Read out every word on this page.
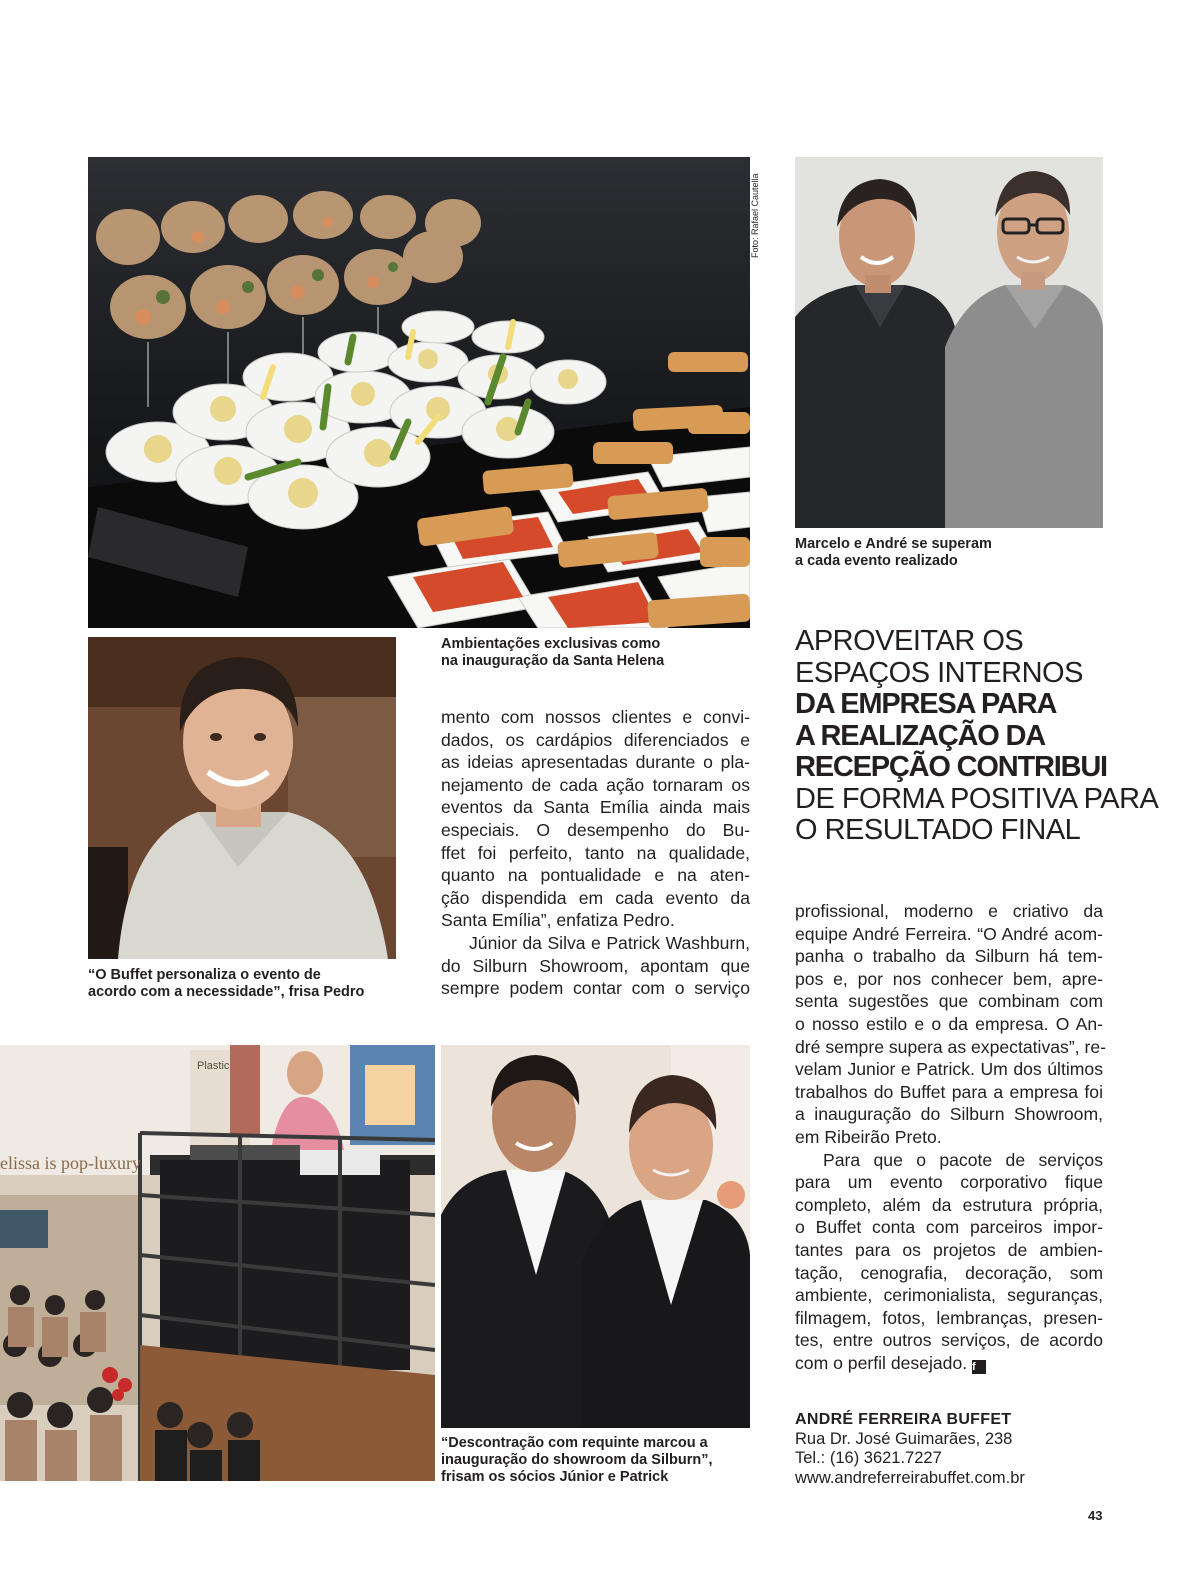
Foto: Rafael Cautella

Marcelo e André se superam
a cada evento realizado

Ambientações exclusivas como
na inauguração da Santa Helena

“O Buffet personaliza o evento de
acordo com a necessidade”, frisa Pedro

mento com nossos clientes e convi-
dados, os cardápios diferenciados e
as ideias apresentadas durante o pla-
nejamento de cada ação tornaram os
eventos da Santa Emília ainda mais
especiais. O desempenho do Bu-
ffet foi perfeito, tanto na qualidade,
quanto na pontualidade e na aten-
ção dispendida em cada evento da
Santa Emília”, enfatiza Pedro.
Júnior da Silva e Patrick Washburn,
do Silburn Showroom, apontam que
sempre podem contar com o serviço
APROVEITAR OS
ESPAÇOS INTERNOS
DA EMPRESA PARA
A REALIZAÇÃO DA
RECEPÇÃO CONTRIBUI
DE FORMA POSITIVA PARA
O RESULTADO FINAL
profissional, moderno e criativo da
equipe André Ferreira. “O André acom-
panha o trabalho da Silburn há tem-
pos e, por nos conhecer bem, apre-
senta sugestões que combinam com
o nosso estilo e o da empresa. O An-
dré sempre supera as expectativas”, re-
velam Junior e Patrick. Um dos últimos
trabalhos do Buffet para a empresa foi
a inauguração do Silburn Showroom,
em Ribeirão Preto.
Para que o pacote de serviços
para um evento corporativo fique
completo, além da estrutura própria,
o Buffet conta com parceiros impor-
tantes para os projetos de ambien-
tação, cenografia, decoração, som
ambiente, cerimonialista, seguranças,
filmagem, fotos, lembranças, presen-
tes, entre outros serviços, de acordo
com o perfil desejado. f
elissa is pop-luxury
Plastic

“Descontração com requinte marcou a
inauguração do showroom da Silburn”,
frisam os sócios Júnior e Patrick

ANDRÉ FERREIRA BUFFET
Rua Dr. José Guimarães, 238
Tel.: (16) 3621.7227
www.andreferreirabuffet.com.br
43
